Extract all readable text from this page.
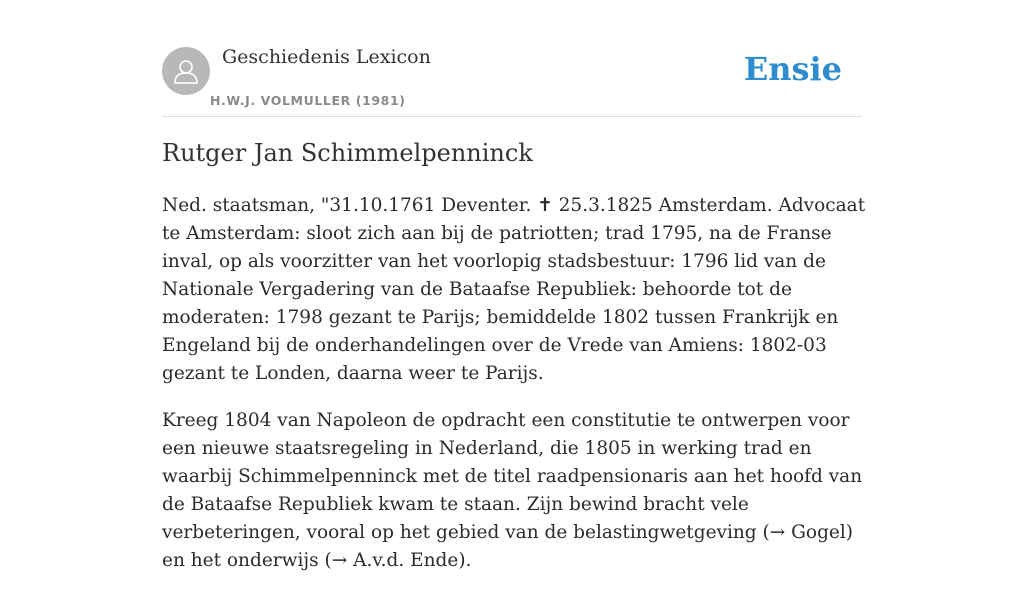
Geschiedenis Lexicon
H.W.J. VOLMULLER (1981)
Ensie
Rutger Jan Schimmelpenninck

Ned. staatsman, "31.10.1761 Deventer. ✝ 25.3.1825 Amsterdam. Advocaat te Amsterdam: sloot zich aan bij de patriotten; trad 1795, na de Franse inval, op als voorzitter van het voorlopig stadsbestuur: 1796 lid van de Nationale Vergadering van de Bataafse Republiek: behoorde tot de moderaten: 1798 gezant te Parijs; bemiddelde 1802 tussen Frankrijk en Engeland bij de onderhandelingen over de Vrede van Amiens: 1802-03 gezant te Londen, daarna weer te Parijs.

Kreeg 1804 van Napoleon de opdracht een constitutie te ontwerpen voor een nieuwe staatsregeling in Nederland, die 1805 in werking trad en waarbij Schimmelpenninck met de titel raadpensionaris aan het hoofd van de Bataafse Republiek kwam te staan. Zijn bewind bracht vele verbeteringen, vooral op het gebied van de belastingwetgeving (→ Gogel) en het onderwijs (→ A.v.d. Ende).
